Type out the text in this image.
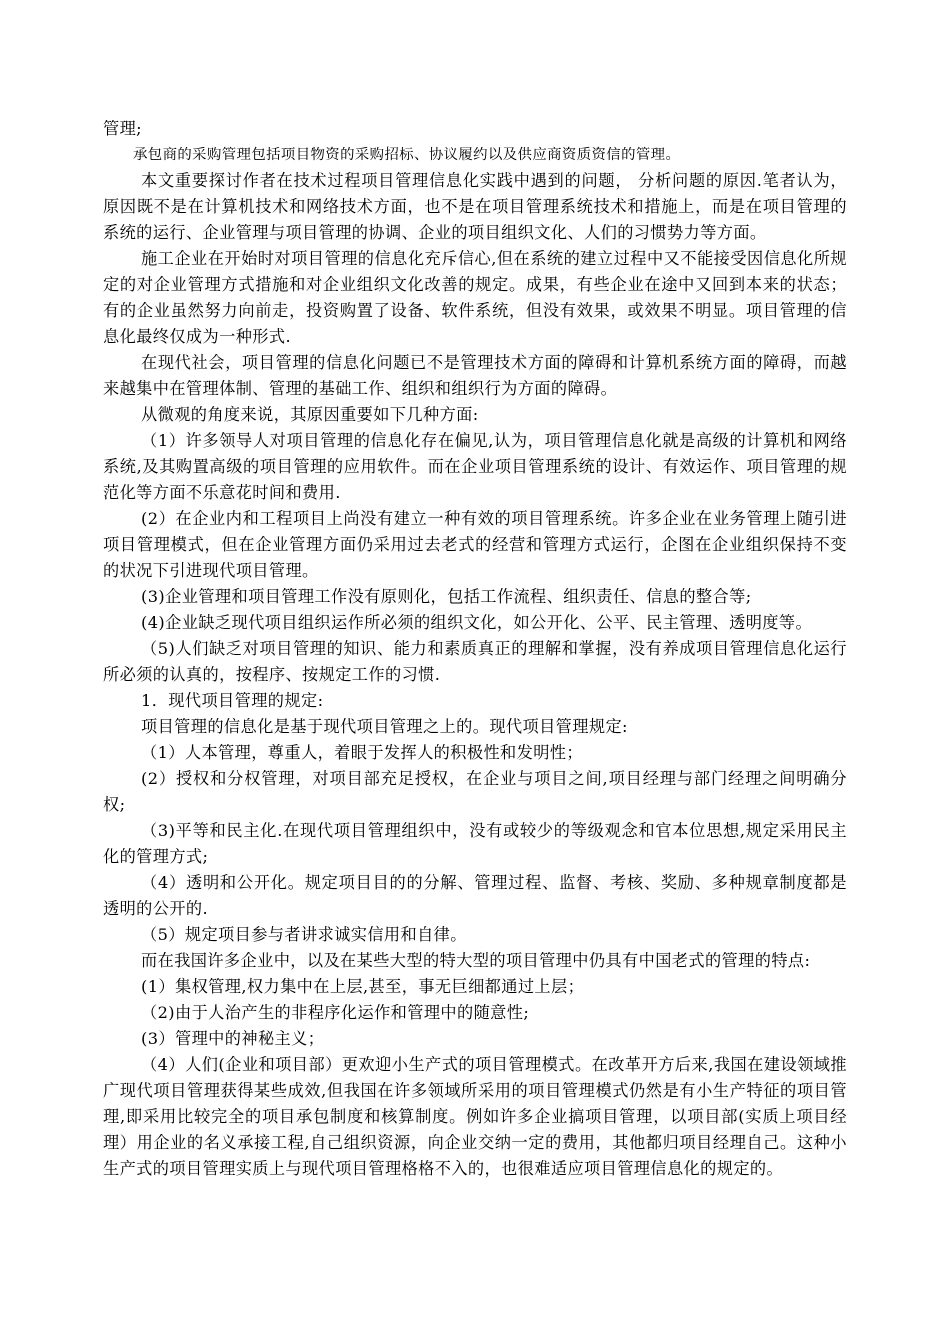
管理;

承包商的采购管理包括项目物资的采购招标、协议履约以及供应商资质资信的管理。

本文重要探讨作者在技术过程项目管理信息化实践中遇到的问题， 分析问题的原因.笔者认为，原因既不是在计算机技术和网络技术方面，也不是在项目管理系统技术和措施上，而是在项目管理的系统的运行、企业管理与项目管理的协调、企业的项目组织文化、人们的习惯势力等方面。

施工企业在开始时对项目管理的信息化充斥信心,但在系统的建立过程中又不能接受因信息化所规定的对企业管理方式措施和对企业组织文化改善的规定。成果，有些企业在途中又回到本来的状态；有的企业虽然努力向前走，投资购置了设备、软件系统，但没有效果，或效果不明显。项目管理的信息化最终仅成为一种形式.

在现代社会，项目管理的信息化问题已不是管理技术方面的障碍和计算机系统方面的障碍，而越来越集中在管理体制、管理的基础工作、组织和组织行为方面的障碍。

从微观的角度来说，其原因重要如下几种方面:

（1）许多领导人对项目管理的信息化存在偏见,认为，项目管理信息化就是高级的计算机和网络系统,及其购置高级的项目管理的应用软件。而在企业项目管理系统的设计、有效运作、项目管理的规范化等方面不乐意花时间和费用.

(2）在企业内和工程项目上尚没有建立一种有效的项目管理系统。许多企业在业务管理上随引进项目管理模式，但在企业管理方面仍采用过去老式的经营和管理方式运行，企图在企业组织保持不变的状况下引进现代项目管理。

(3)企业管理和项目管理工作没有原则化，包括工作流程、组织责任、信息的整合等;

(4)企业缺乏现代项目组织运作所必须的组织文化，如公开化、公平、民主管理、透明度等。

（5)人们缺乏对项目管理的知识、能力和素质真正的理解和掌握，没有养成项目管理信息化运行所必须的认真的，按程序、按规定工作的习惯.

1．现代项目管理的规定:

项目管理的信息化是基于现代项目管理之上的。现代项目管理规定:

（1）人本管理，尊重人，着眼于发挥人的积极性和发明性；

(2）授权和分权管理，对项目部充足授权，在企业与项目之间,项目经理与部门经理之间明确分权;

（3)平等和民主化.在现代项目管理组织中，没有或较少的等级观念和官本位思想,规定采用民主化的管理方式;

（4）透明和公开化。规定项目目的的分解、管理过程、监督、考核、奖励、多种规章制度都是透明的公开的.

（5）规定项目参与者讲求诚实信用和自律。

而在我国许多企业中，以及在某些大型的特大型的项目管理中仍具有中国老式的管理的特点:

(1）集权管理,权力集中在上层,甚至，事无巨细都通过上层；

（2)由于人治产生的非程序化运作和管理中的随意性;

(3）管理中的神秘主义；

（4）人们(企业和项目部）更欢迎小生产式的项目管理模式。在改革开方后来,我国在建设领域推广现代项目管理获得某些成效,但我国在许多领域所采用的项目管理模式仍然是有小生产特征的项目管理,即采用比较完全的项目承包制度和核算制度。例如许多企业搞项目管理，以项目部(实质上项目经理）用企业的名义承接工程,自己组织资源，向企业交纳一定的费用，其他都归项目经理自己。这种小生产式的项目管理实质上与现代项目管理格格不入的，也很难适应项目管理信息化的规定的。
